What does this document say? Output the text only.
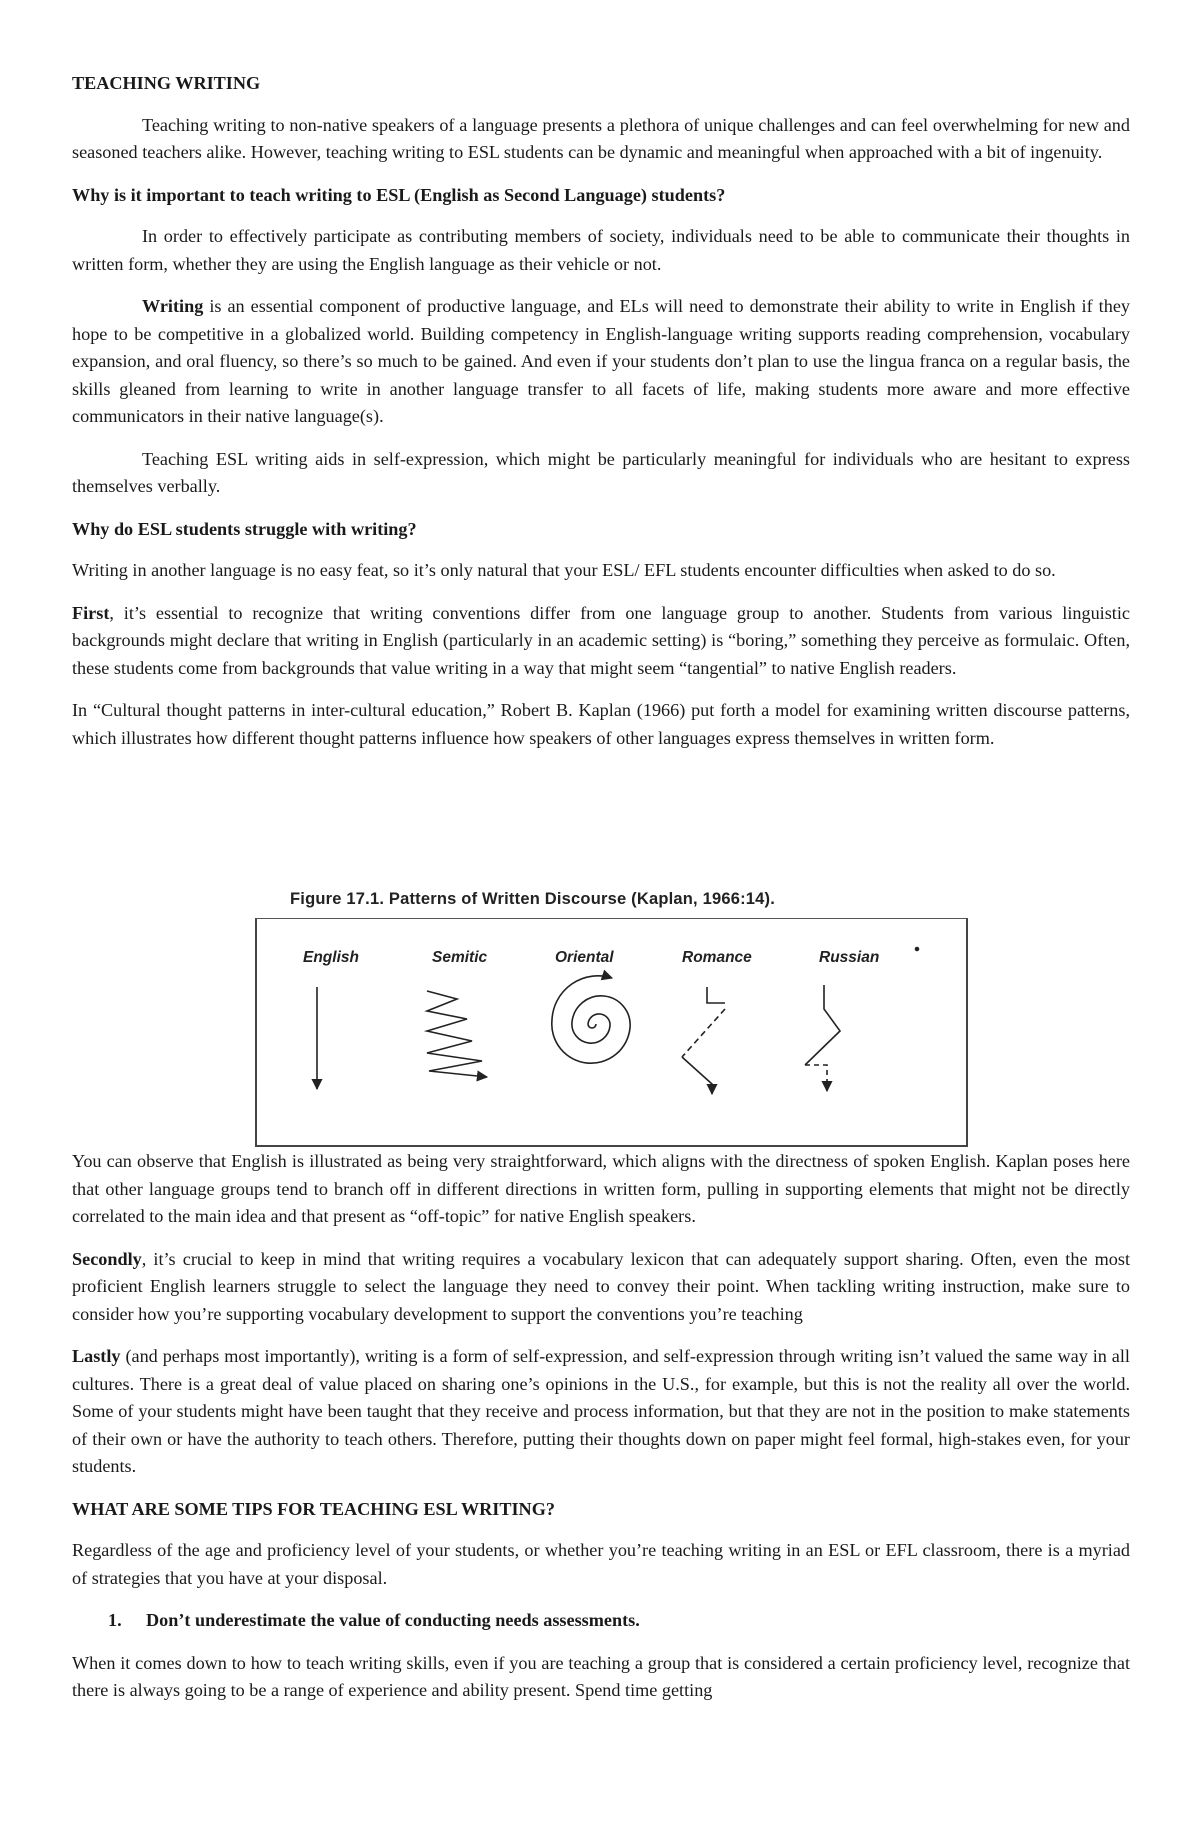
TEACHING WRITING

Teaching writing to non-native speakers of a language presents a plethora of unique challenges and can feel overwhelming for new and seasoned teachers alike. However, teaching writing to ESL students can be dynamic and meaningful when approached with a bit of ingenuity.

Why is it important to teach writing to ESL (English as Second Language) students?

In order to effectively participate as contributing members of society, individuals need to be able to communicate their thoughts in written form, whether they are using the English language as their vehicle or not.

Writing is an essential component of productive language, and ELs will need to demonstrate their ability to write in English if they hope to be competitive in a globalized world. Building competency in English-language writing supports reading comprehension, vocabulary expansion, and oral fluency, so there’s so much to be gained. And even if your students don’t plan to use the lingua franca on a regular basis, the skills gleaned from learning to write in another language transfer to all facets of life, making students more aware and more effective communicators in their native language(s).

Teaching ESL writing aids in self-expression, which might be particularly meaningful for individuals who are hesitant to express themselves verbally.

Why do ESL students struggle with writing?

Writing in another language is no easy feat, so it’s only natural that your ESL/ EFL students encounter difficulties when asked to do so.

First, it’s essential to recognize that writing conventions differ from one language group to another. Students from various linguistic backgrounds might declare that writing in English (particularly in an academic setting) is “boring,” something they perceive as formulaic. Often, these students come from backgrounds that value writing in a way that might seem “tangential” to native English readers.

In “Cultural thought patterns in inter-cultural education,” Robert B. Kaplan (1966) put forth a model for examining written discourse patterns, which illustrates how different thought patterns influence how speakers of other languages express themselves in written form.

Figure 17.1. Patterns of Written Discourse (Kaplan, 1966:14).
English	Semitic	Oriental	Romance	Russian

You can observe that English is illustrated as being very straightforward, which aligns with the directness of spoken English. Kaplan poses here that other language groups tend to branch off in different directions in written form, pulling in supporting elements that might not be directly correlated to the main idea and that present as “off-topic” for native English speakers.

Secondly, it’s crucial to keep in mind that writing requires a vocabulary lexicon that can adequately support sharing. Often, even the most proficient English learners struggle to select the language they need to convey their point. When tackling writing instruction, make sure to consider how you’re supporting vocabulary development to support the conventions you’re teaching

Lastly (and perhaps most importantly), writing is a form of self-expression, and self-expression through writing isn’t valued the same way in all cultures. There is a great deal of value placed on sharing one’s opinions in the U.S., for example, but this is not the reality all over the world. Some of your students might have been taught that they receive and process information, but that they are not in the position to make statements of their own or have the authority to teach others. Therefore, putting their thoughts down on paper might feel formal, high-stakes even, for your students.

WHAT ARE SOME TIPS FOR TEACHING ESL WRITING?

Regardless of the age and proficiency level of your students, or whether you’re teaching writing in an ESL or EFL classroom, there is a myriad of strategies that you have at your disposal.

1. Don’t underestimate the value of conducting needs assessments.

When it comes down to how to teach writing skills, even if you are teaching a group that is considered a certain proficiency level, recognize that there is always going to be a range of experience and ability present. Spend time getting
